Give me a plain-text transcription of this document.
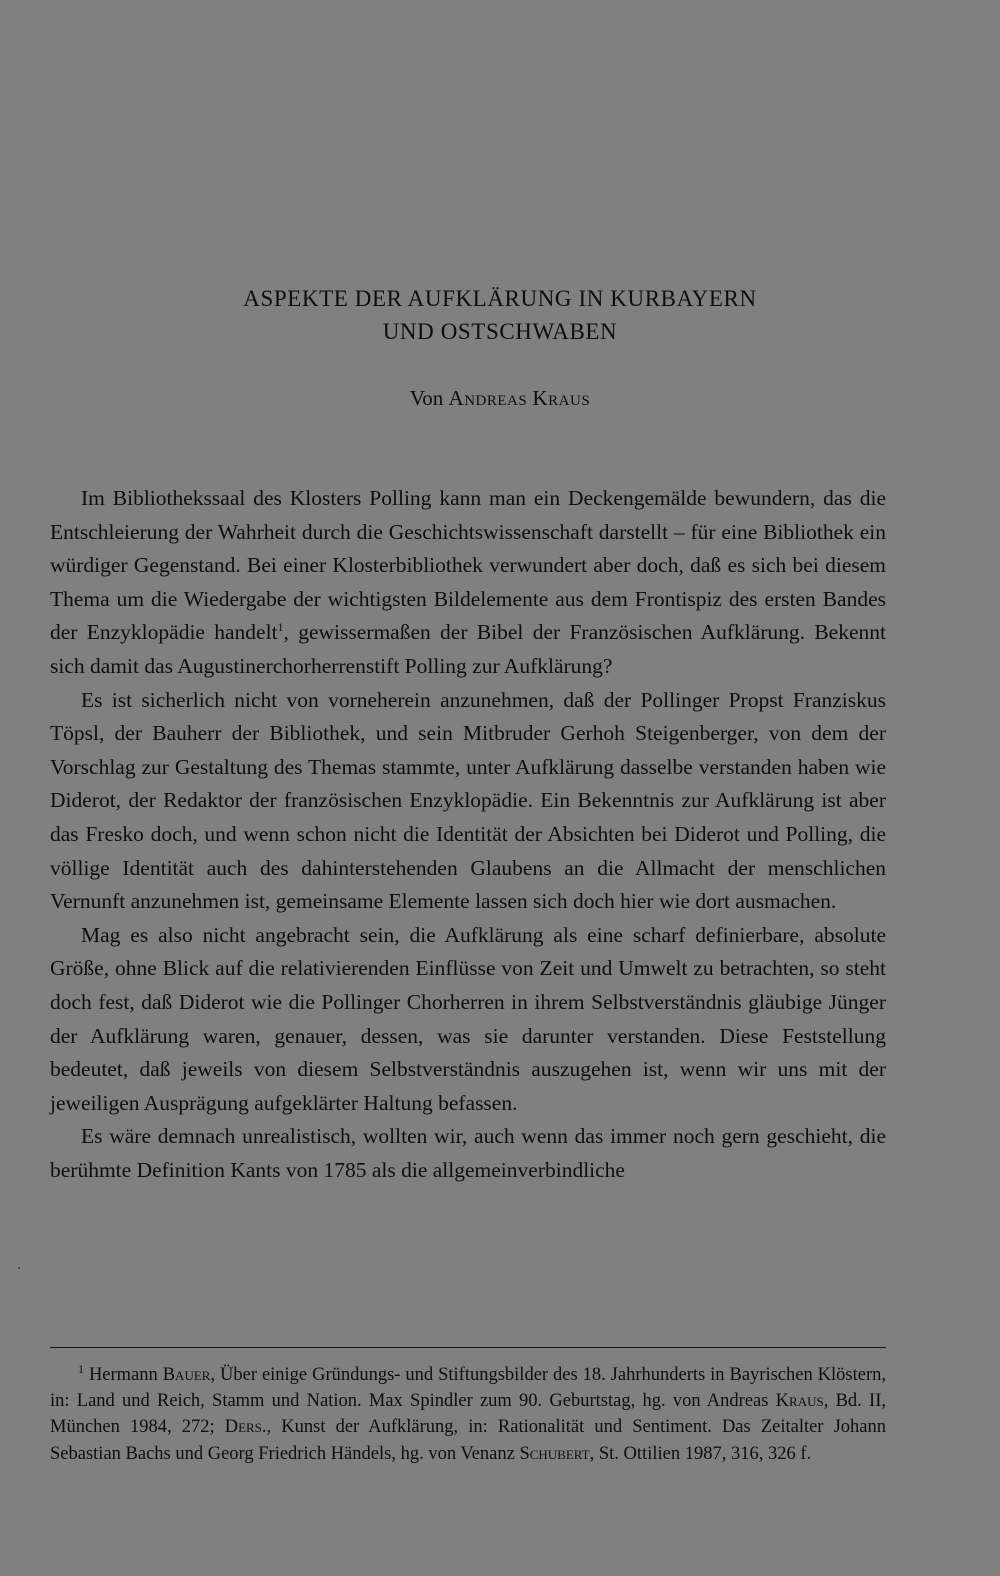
ASPEKTE DER AUFKLÄRUNG IN KURBAYERN
UND OSTSCHWABEN

Von Andreas Kraus

Im Bibliothekssaal des Klosters Polling kann man ein Deckengemälde bewundern, das die Entschleierung der Wahrheit durch die Geschichtswissenschaft darstellt – für eine Bibliothek ein würdiger Gegenstand. Bei einer Klosterbibliothek verwundert aber doch, daß es sich bei diesem Thema um die Wiedergabe der wichtigsten Bildelemente aus dem Frontispiz des ersten Bandes der Enzyklopädie handelt$^1$, gewissermaßen der Bibel der Französischen Aufklärung. Bekennt sich damit das Augustinerchorherrenstift Polling zur Aufklärung?

Es ist sicherlich nicht von vorneherein anzunehmen, daß der Pollinger Propst Franziskus Töpsl, der Bauherr der Bibliothek, und sein Mitbruder Gerhoh Steigenberger, von dem der Vorschlag zur Gestaltung des Themas stammte, unter Aufklärung dasselbe verstanden haben wie Diderot, der Redaktor der französischen Enzyklopädie. Ein Bekenntnis zur Aufklärung ist aber das Fresko doch, und wenn schon nicht die Identität der Absichten bei Diderot und Polling, die völlige Identität auch des dahinterstehenden Glaubens an die Allmacht der menschlichen Vernunft anzunehmen ist, gemeinsame Elemente lassen sich doch hier wie dort ausmachen.

Mag es also nicht angebracht sein, die Aufklärung als eine scharf definierbare, absolute Größe, ohne Blick auf die relativierenden Einflüsse von Zeit und Umwelt zu betrachten, so steht doch fest, daß Diderot wie die Pollinger Chorherren in ihrem Selbstverständnis gläubige Jünger der Aufklärung waren, genauer, dessen, was sie darunter verstanden. Diese Feststellung bedeutet, daß jeweils von diesem Selbstverständnis auszugehen ist, wenn wir uns mit der jeweiligen Ausprägung aufgeklärter Haltung befassen.

Es wäre demnach unrealistisch, wollten wir, auch wenn das immer noch gern geschieht, die berühmte Definition Kants von 1785 als die allgemeinverbindliche

$^1$ Hermann Bauer, Über einige Gründungs- und Stiftungsbilder des 18. Jahrhunderts in Bayrischen Klöstern, in: Land und Reich, Stamm und Nation. Max Spindler zum 90. Geburtstag, hg. von Andreas Kraus, Bd. II, München 1984, 272; Ders., Kunst der Aufklärung, in: Rationalität und Sentiment. Das Zeitalter Johann Sebastian Bachs und Georg Friedrich Händels, hg. von Venanz Schubert, St. Ottilien 1987, 316, 326 f.
